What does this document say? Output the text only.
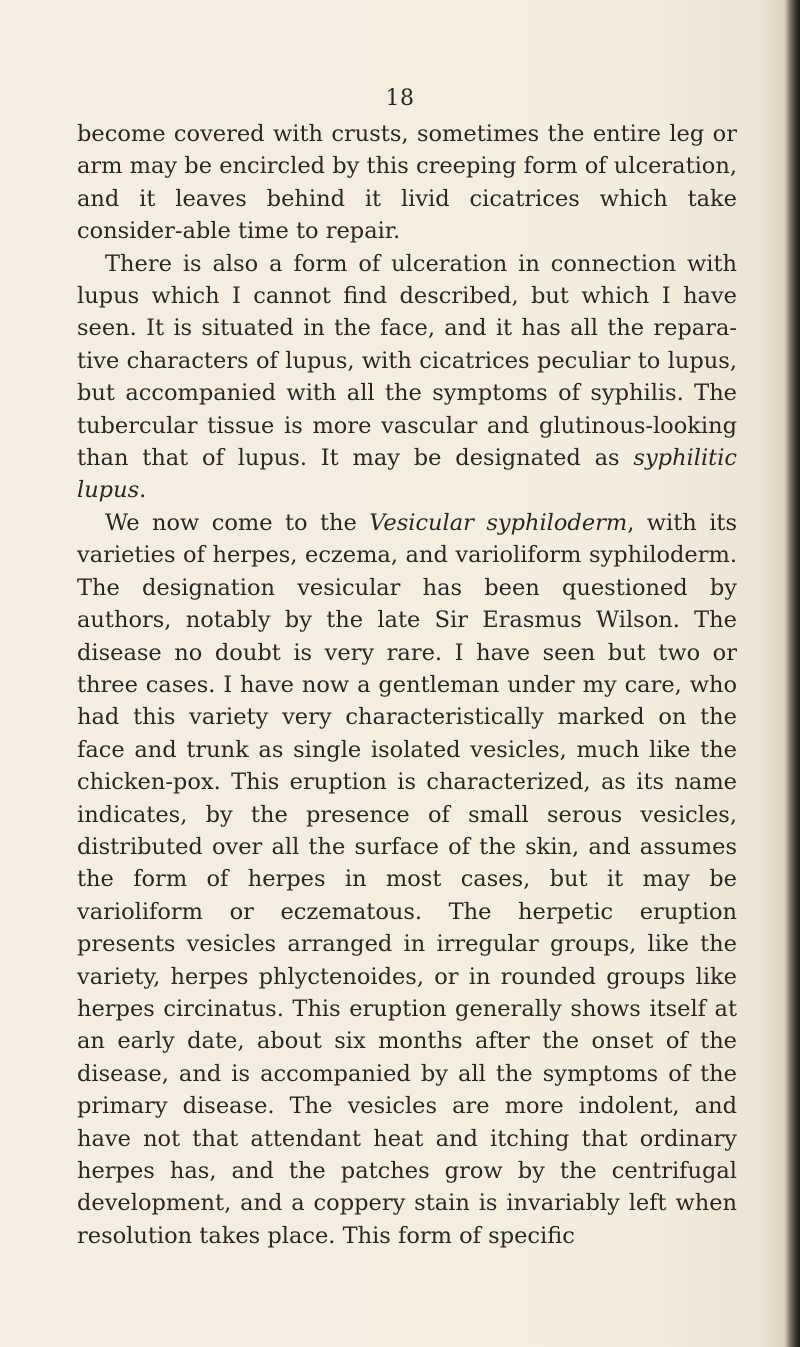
18

become covered with crusts, sometimes the entire leg or arm may be encircled by this creeping form of ulceration, and it leaves behind it livid cicatrices which take consider-able time to repair.

There is also a form of ulceration in connection with lupus which I cannot find described, but which I have seen. It is situated in the face, and it has all the repara-tive characters of lupus, with cicatrices peculiar to lupus, but accompanied with all the symptoms of syphilis. The tubercular tissue is more vascular and glutinous-looking than that of lupus. It may be designated as syphilitic lupus.

We now come to the Vesicular syphiloderm, with its varieties of herpes, eczema, and varioliform syphiloderm. The designation vesicular has been questioned by authors, notably by the late Sir Erasmus Wilson. The disease no doubt is very rare. I have seen but two or three cases. I have now a gentleman under my care, who had this variety very characteristically marked on the face and trunk as single isolated vesicles, much like the chicken-pox. This eruption is characterized, as its name indicates, by the presence of small serous vesicles, distributed over all the surface of the skin, and assumes the form of herpes in most cases, but it may be varioliform or eczematous. The herpetic eruption presents vesicles arranged in irregular groups, like the variety, herpes phlyctenoides, or in rounded groups like herpes circinatus. This eruption generally shows itself at an early date, about six months after the onset of the disease, and is accompanied by all the symptoms of the primary disease. The vesicles are more indolent, and have not that attendant heat and itching that ordinary herpes has, and the patches grow by the centrifugal development, and a coppery stain is invariably left when resolution takes place. This form of specific
